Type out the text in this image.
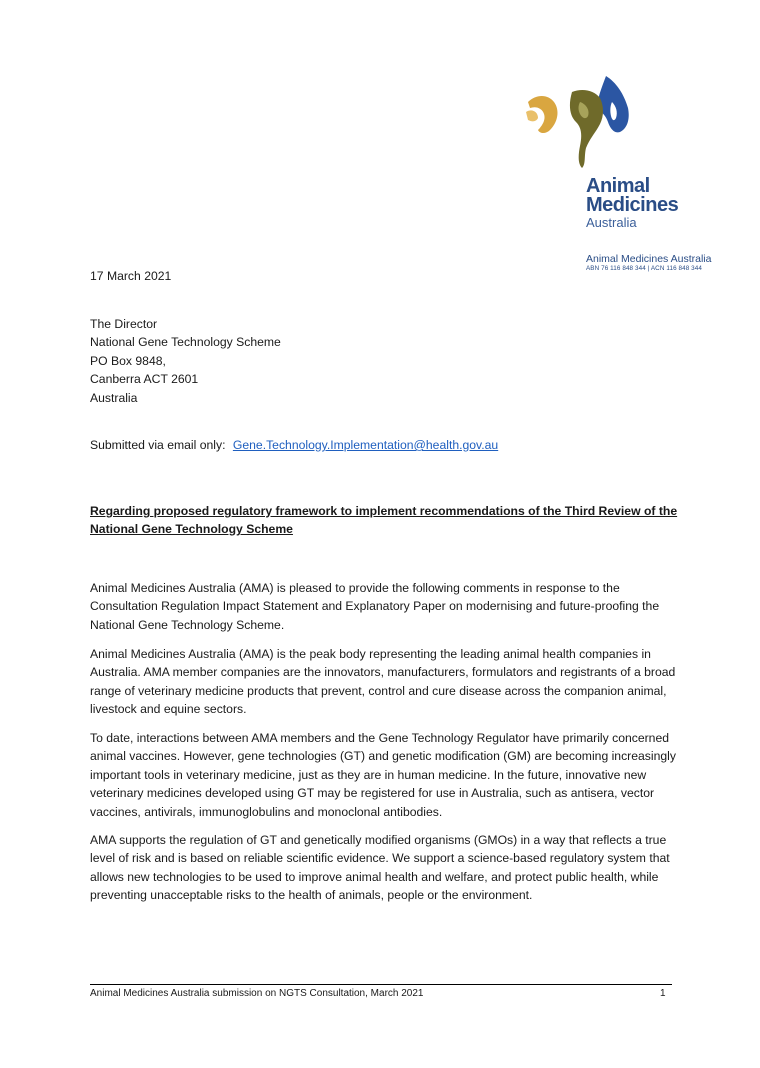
Animal
Medicines
Australia
Animal Medicines Australia
ABN 76 116 848 344 | ACN 116 848 344
17 March 2021
The Director
National Gene Technology Scheme
PO Box 9848,
Canberra ACT 2601
Australia
Submitted via email only: Gene.Technology.Implementation@health.gov.au
Regarding proposed regulatory framework to implement recommendations of the Third Review of the National Gene Technology Scheme
Animal Medicines Australia (AMA) is pleased to provide the following comments in response to the Consultation Regulation Impact Statement and Explanatory Paper on modernising and future-proofing the National Gene Technology Scheme.
Animal Medicines Australia (AMA) is the peak body representing the leading animal health companies in Australia. AMA member companies are the innovators, manufacturers, formulators and registrants of a broad range of veterinary medicine products that prevent, control and cure disease across the companion animal, livestock and equine sectors.
To date, interactions between AMA members and the Gene Technology Regulator have primarily concerned animal vaccines. However, gene technologies (GT) and genetic modification (GM) are becoming increasingly important tools in veterinary medicine, just as they are in human medicine. In the future, innovative new veterinary medicines developed using GT may be registered for use in Australia, such as antisera, vector vaccines, antivirals, immunoglobulins and monoclonal antibodies.
AMA supports the regulation of GT and genetically modified organisms (GMOs) in a way that reflects a true level of risk and is based on reliable scientific evidence. We support a science-based regulatory system that allows new technologies to be used to improve animal health and welfare, and protect public health, while preventing unacceptable risks to the health of animals, people or the environment.
Animal Medicines Australia submission on NGTS Consultation, March 2021	1
